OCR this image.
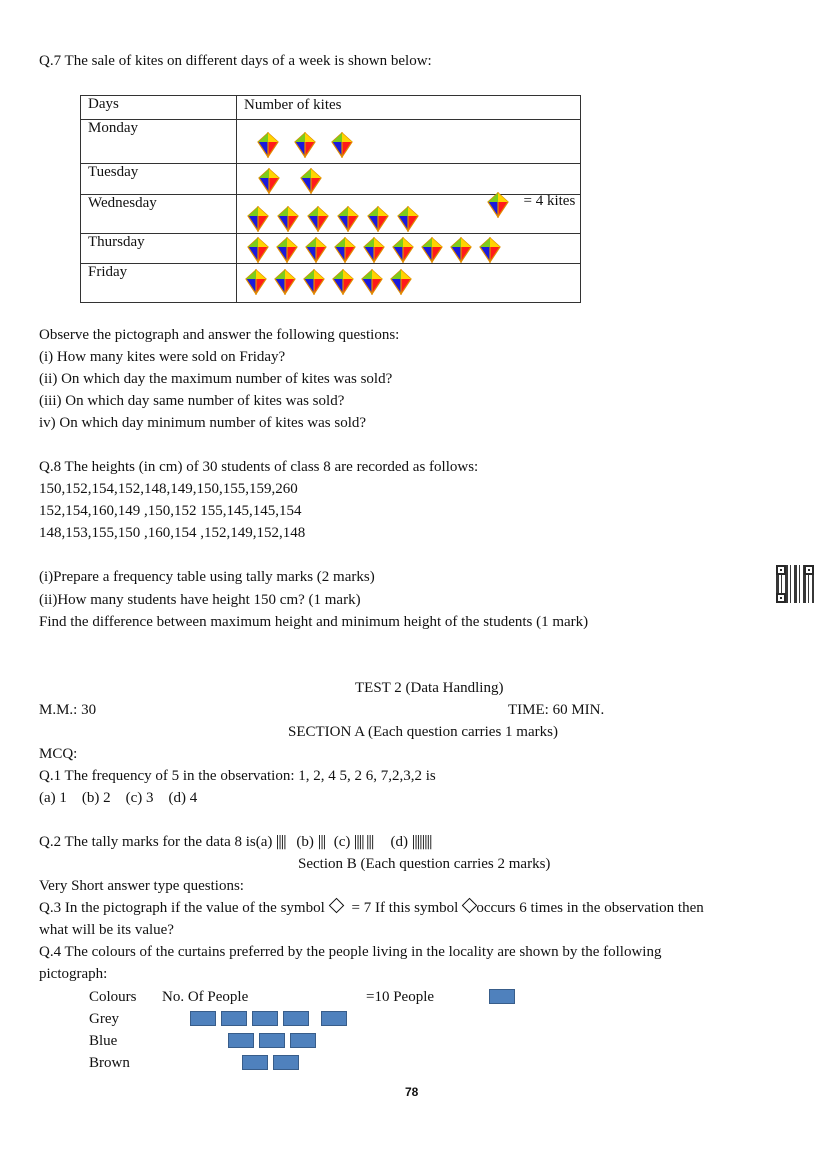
Q.7 The sale of kites on different days of a week is shown below:
Days	Number of kites
= 4 kites

Monday	

Tuesday	

Wednesday	

Thursday	

Friday	
Observe the pictograph and answer the following questions:
(i) How many kites were sold on Friday?
(ii) On which day the maximum number of kites was sold?
(iii) On which day same number of kites was sold?
iv) On which day minimum number of kites was sold?
Q.8 The heights (in cm) of 30 students of class 8 are recorded as follows:
150,152,154,152,148,149,150,155,159,260
152,154,160,149 ,150,152 155,145,145,154
148,153,155,150 ,160,154 ,152,149,152,148
(i)Prepare a frequency table using tally marks (2 marks)
(ii)How many students have height 150 cm? (1 mark)
Find the difference between maximum height and minimum height of the students (1 mark)
TEST 2 (Data Handling)
M.M.: 30	TIME: 60 MIN.
SECTION A (Each question carries 1 marks)
MCQ:
Q.1 The frequency of 5 in the observation: 1, 2, 4 5, 2 6, 7,2,3,2 is
(a) 1    (b) 2    (c) 3    (d) 4
Q.2 The tally marks for the data 8 is(a) |||| (b) ||| (c) |||| ||| (d) ||||||||
Section B (Each question carries 2 marks)
Very Short answer type questions:
Q.3 In the pictograph if the value of the symbol = 7 If this symbol occurs 6 times in the observation then
what will be its value?
Q.4 The colours of the curtains preferred by the people living in the locality are shown by the following
pictograph:
Colours No. Of People	=10 People
Grey
Blue
Brown
78
